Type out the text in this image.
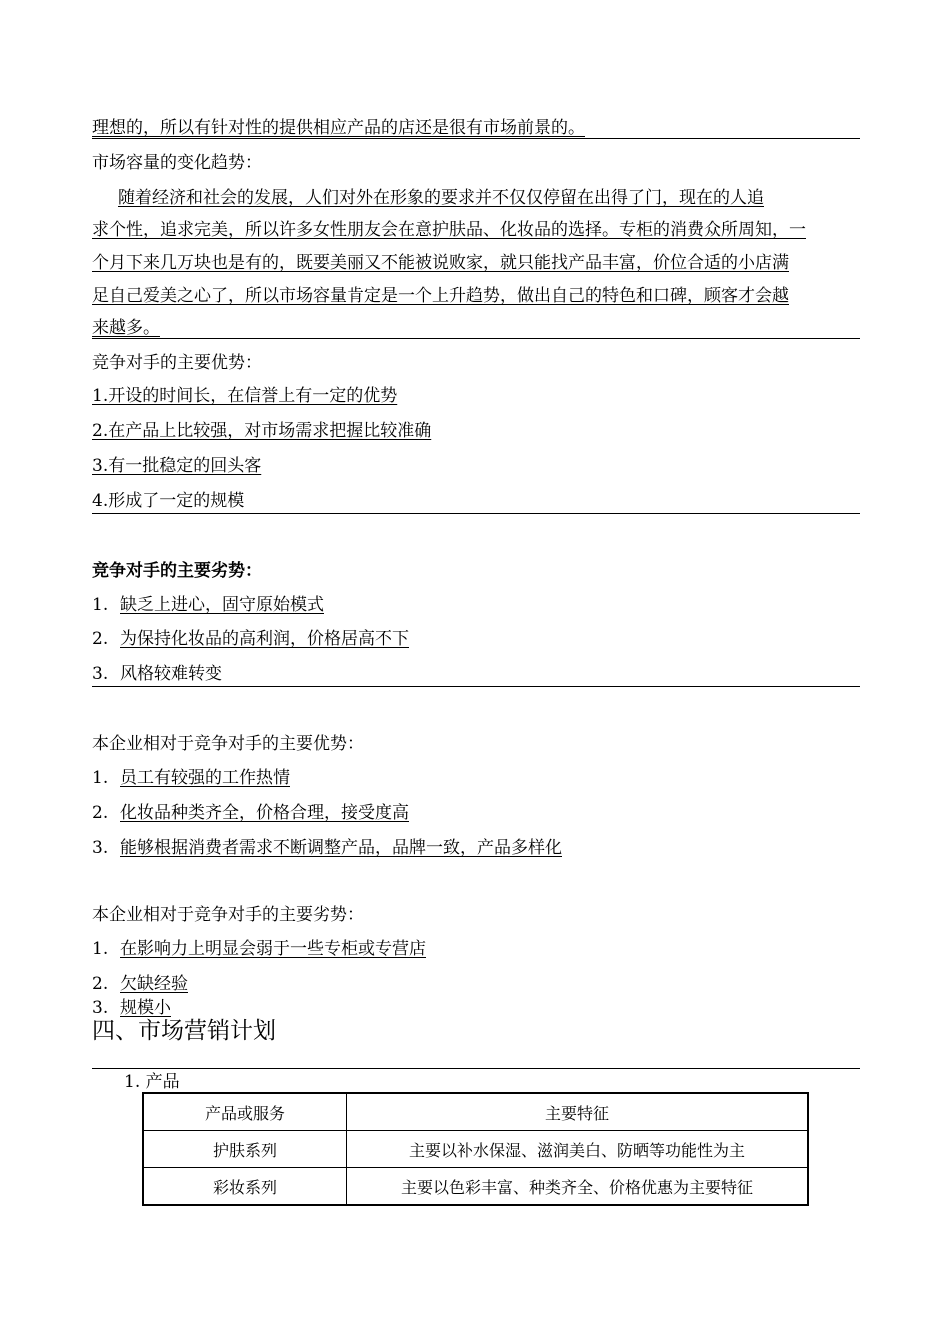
理想的，所以有针对性的提供相应产品的店还是很有市场前景的。
市场容量的变化趋势：
随着经济和社会的发展，人们对外在形象的要求并不仅仅停留在出得了门，现在的人追
求个性，追求完美，所以许多女性朋友会在意护肤品、化妆品的选择。专柜的消费众所周知，一
个月下来几万块也是有的，既要美丽又不能被说败家，就只能找产品丰富，价位合适的小店满
足自己爱美之心了，所以市场容量肯定是一个上升趋势，做出自己的特色和口碑，顾客才会越
来越多。
竞争对手的主要优势：
1.开设的时间长，在信誉上有一定的优势
2.在产品上比较强，对市场需求把握比较准确
3.有一批稳定的回头客
4.形成了一定的规模
竞争对手的主要劣势：
1. 缺乏上进心，固守原始模式
2. 为保持化妆品的高利润，价格居高不下
3. 风格较难转变
本企业相对于竞争对手的主要优势：
1. 员工有较强的工作热情
2. 化妆品种类齐全，价格合理，接受度高
3. 能够根据消费者需求不断调整产品，品牌一致，产品多样化
本企业相对于竞争对手的主要劣势：
1. 在影响力上明显会弱于一些专柜或专营店
2. 欠缺经验
3. 规模小
四、市场营销计划
1. 产品
产品或服务	主要特征
护肤系列	主要以补水保湿、滋润美白、防晒等功能性为主
彩妆系列	主要以色彩丰富、种类齐全、价格优惠为主要特征
